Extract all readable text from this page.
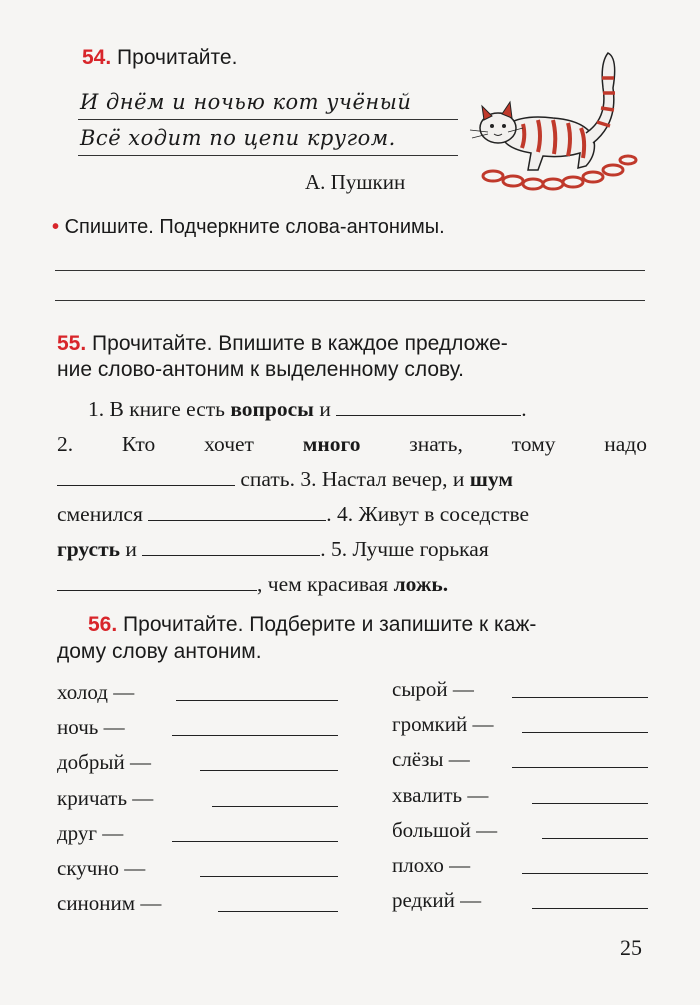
54. Прочитайте.
И днём и ночью кот учёный
Всё ходит по цепи кругом.
А. Пушкин
• Спишите. Подчеркните слова-антонимы.
55. Прочитайте. Впишите в каждое предложе-
ние слово-антоним к выделенному слову.
1. В книге есть вопросы и	.
2. Кто хочет много знать, тому надо
спать. 3. Настал вечер, и шум
сменился	. 4. Живут в соседстве
грусть и	. 5. Лучше горькая
, чем красивая ложь.
56. Прочитайте. Подберите и запишите к каж-
дому слову антоним.
холод —
ночь —
добрый —
кричать —
друг —
скучно —
синоним —
сырой —
громкий —
слёзы —
хвалить —
большой —
плохо —
редкий —
25
